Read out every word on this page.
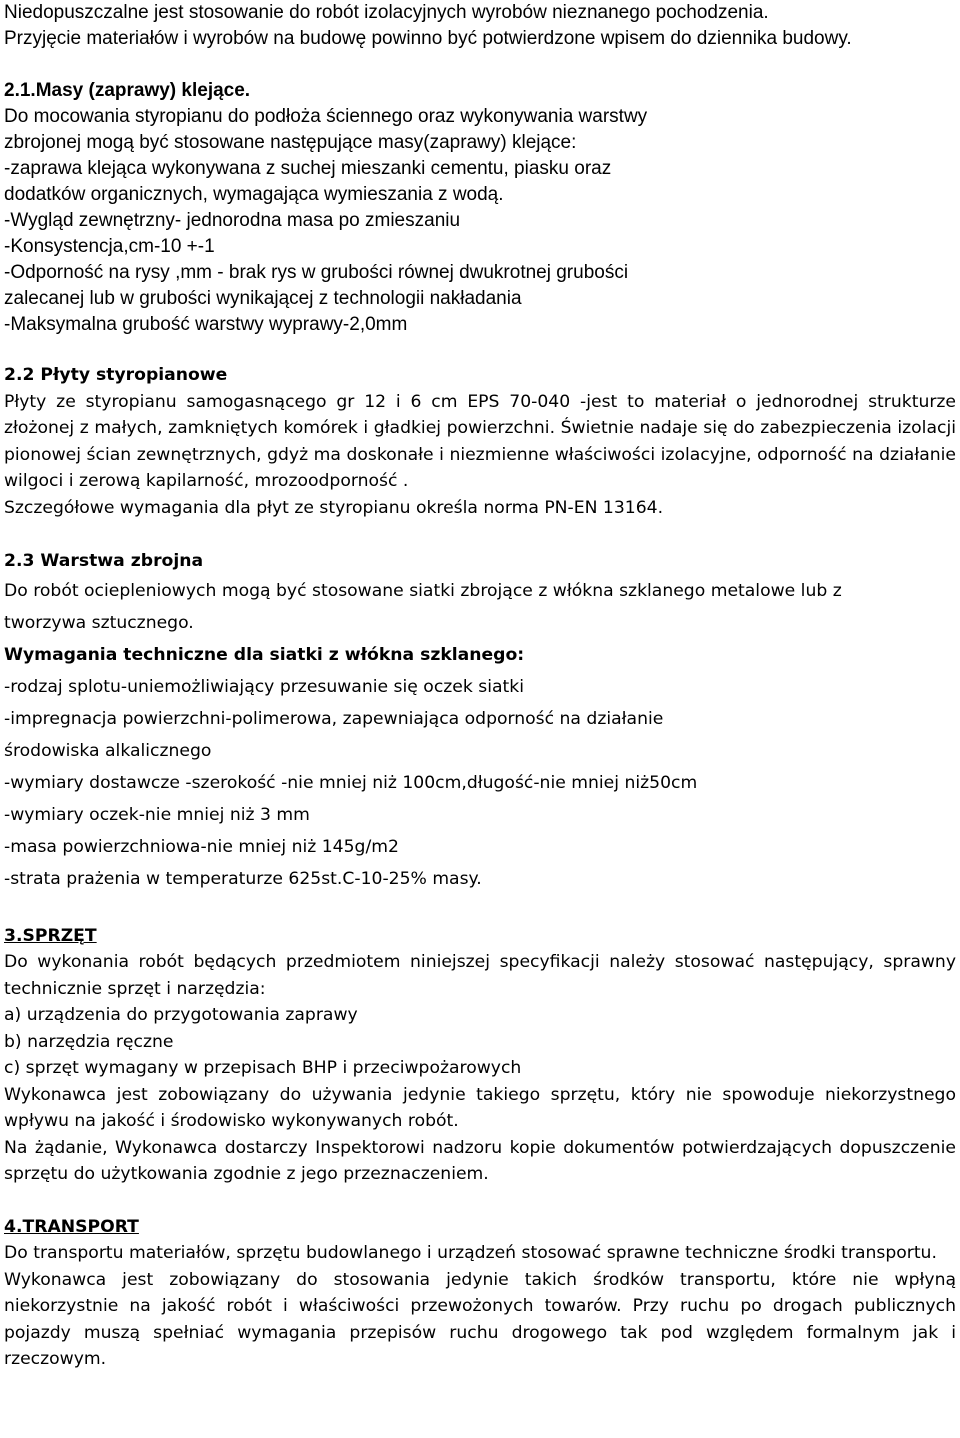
Niedopuszczalne jest stosowanie do robót izolacyjnych wyrobów nieznanego pochodzenia.

Przyjęcie materiałów i wyrobów na budowę powinno być potwierdzone wpisem do dziennika budowy.

2.1.Masy (zaprawy) klejące.

Do mocowania styropianu do podłoża ściennego oraz wykonywania warstwy

zbrojonej mogą być stosowane następujące masy(zaprawy) klejące:

-zaprawa klejąca wykonywana z suchej mieszanki cementu, piasku oraz

dodatków organicznych, wymagająca wymieszania z wodą.

-Wygląd zewnętrzny- jednorodna masa po zmieszaniu

-Konsystencja,cm-10 +-1

-Odporność na rysy ,mm - brak rys w grubości równej dwukrotnej grubości

zalecanej lub w grubości wynikającej z technologii nakładania

-Maksymalna grubość warstwy wyprawy-2,0mm

2.2 Płyty styropianowe

Płyty ze styropianu samogasnącego gr 12 i 6 cm EPS 70-040 -jest to materiał o jednorodnej strukturze złożonej z małych, zamkniętych komórek i gładkiej powierzchni. Świetnie nadaje się do zabezpieczenia izolacji pionowej ścian zewnętrznych, gdyż ma doskonałe i niezmienne właściwości izolacyjne, odporność na działanie wilgoci i zerową kapilarność, mrozoodporność .

Szczegółowe wymagania dla płyt ze styropianu określa norma PN-EN 13164.

2.3 Warstwa zbrojna

Do robót ociepleniowych mogą być stosowane siatki zbrojące z włókna szklanego metalowe lub z

tworzywa sztucznego.

Wymagania techniczne dla siatki z włókna szklanego:

-rodzaj splotu-uniemożliwiający przesuwanie się oczek siatki

-impregnacja powierzchni-polimerowa, zapewniająca odporność na działanie

środowiska alkalicznego

-wymiary dostawcze -szerokość -nie mniej niż 100cm,długość-nie mniej niż50cm

-wymiary oczek-nie mniej niż 3 mm

-masa powierzchniowa-nie mniej niż 145g/m2

-strata prażenia w temperaturze 625st.C-10-25% masy.

3.SPRZĘT

Do wykonania robót będących przedmiotem niniejszej specyfikacji należy stosować następujący, sprawny technicznie sprzęt i narzędzia:

a) urządzenia do przygotowania zaprawy

b) narzędzia ręczne

c) sprzęt wymagany w przepisach BHP i przeciwpożarowych

Wykonawca jest zobowiązany do używania jedynie takiego sprzętu, który nie spowoduje niekorzystnego wpływu na jakość i środowisko wykonywanych robót.

Na żądanie, Wykonawca dostarczy Inspektorowi nadzoru kopie dokumentów potwierdzających dopuszczenie sprzętu do użytkowania zgodnie z jego przeznaczeniem.

4.TRANSPORT

Do transportu materiałów, sprzętu budowlanego i urządzeń stosować sprawne techniczne środki transportu.

Wykonawca jest zobowiązany do stosowania jedynie takich środków transportu, które nie wpłyną niekorzystnie na jakość robót i właściwości przewożonych towarów. Przy ruchu po drogach publicznych pojazdy muszą spełniać wymagania przepisów ruchu drogowego tak pod względem formalnym jak i rzeczowym.
